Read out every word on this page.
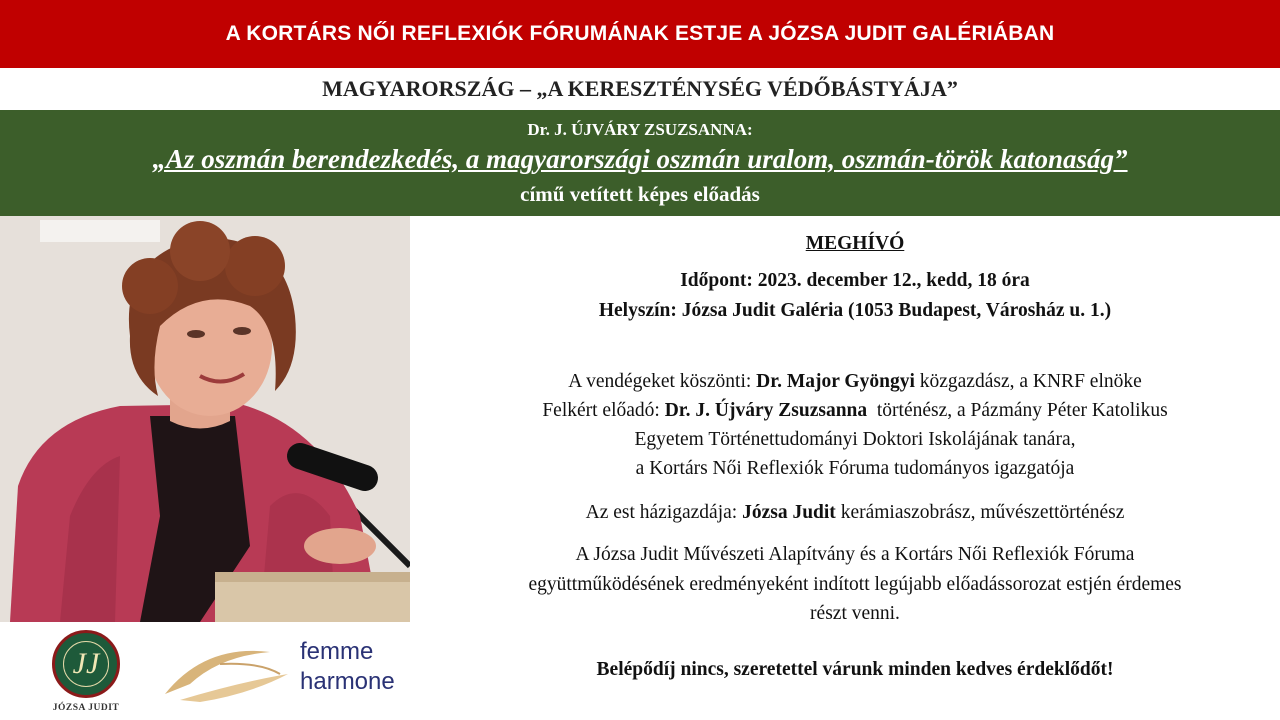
A KORTÁRS NŐI REFLEXIÓK FÓRUMÁNAK ESTJE A JÓZSA JUDIT GALÉRIÁBAN
MAGYARORSZÁG – „A KERESZTÉNYSÉG VÉDŐBÁSTYÁJA”
Dr. J. ÚJVÁRY ZSUZSANNA:
„Az oszmán berendezkedés, a magyarországi oszmán uralom, oszmán-török katonaság”
című vetített képes előadás
JJ
JÓZSA JUDIT
femme
harmone

MEGHÍVÓ

Időpont: 2023. december 12., kedd, 18 óra

Helyszín: Józsa Judit Galéria (1053 Budapest, Városház u. 1.)

A vendégeket köszönti: Dr. Major Gyöngyi közgazdász, a KNRF elnöke

Felkért előadó: Dr. J. Újváry Zsuzsanna  történész, a Pázmány Péter Katolikus

Egyetem Történettudományi Doktori Iskolájának tanára,

a Kortárs Női Reflexiók Fóruma tudományos igazgatója

Az est házigazdája: Józsa Judit kerámiaszobrász, művészettörténész

A Józsa Judit Művészeti Alapítvány és a Kortárs Női Reflexiók Fóruma

együttműködésének eredményeként indított legújabb előadássorozat estjén érdemes

részt venni.

Belépődíj nincs, szeretettel várunk minden kedves érdeklődőt!
